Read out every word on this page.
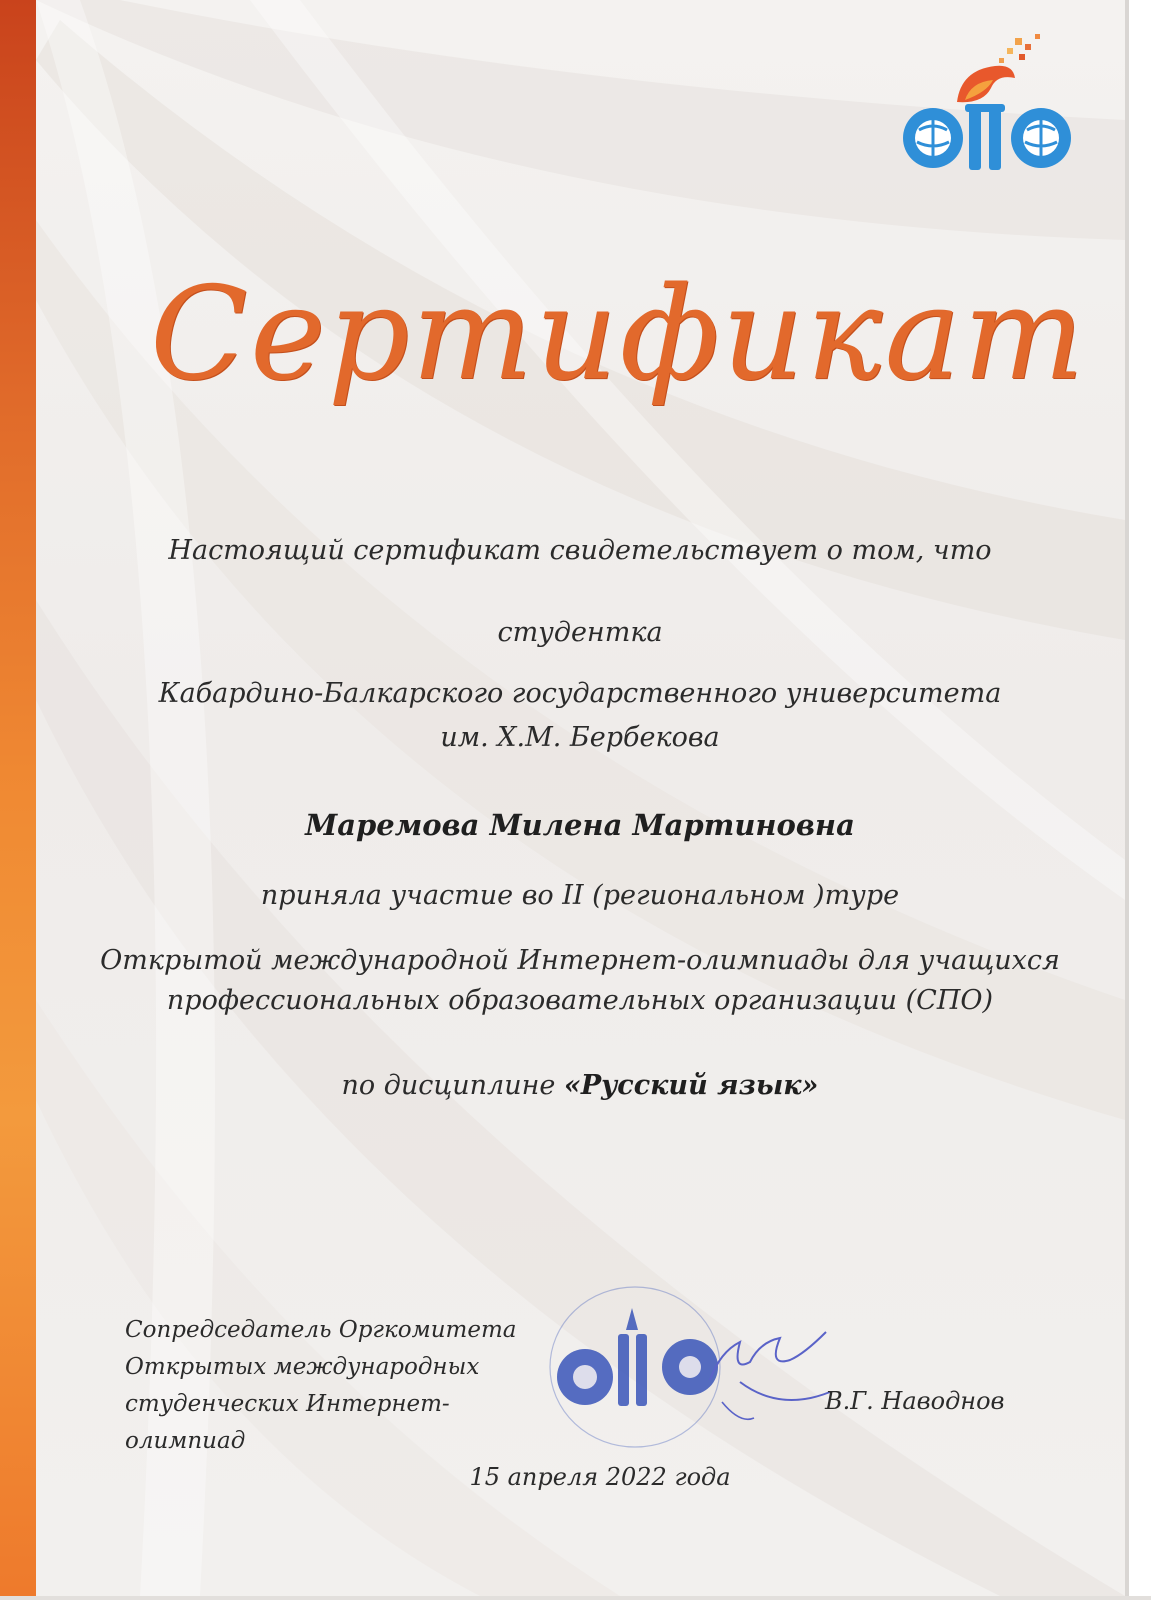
Сертификат
Настоящий сертификат свидетельствует о том, что
студентка
Кабардино-Балкарского государственного университета
им. Х.М. Бербекова
Маремова Милена Мартиновна
приняла участие во II (региональном )туре
Открытой международной Интернет-олимпиады для учащихся
профессиональных образовательных организации (СПО)
по дисциплине «Русский язык»
Сопредседатель Оргкомитета
Открытых международных
студенческих Интернет-олимпиад
В.Г. Наводнов
15 апреля 2022 года
